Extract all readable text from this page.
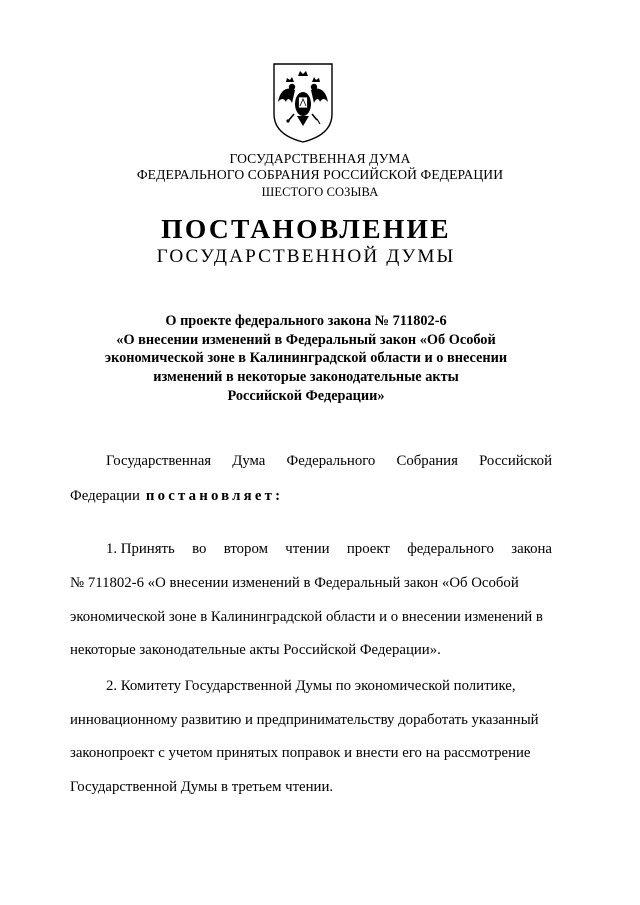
ГОСУДАРСТВЕННАЯ ДУМА
ФЕДЕРАЛЬНОГО СОБРАНИЯ РОССИЙСКОЙ ФЕДЕРАЦИИ
ШЕСТОГО СОЗЫВА
ПОСТАНОВЛЕНИЕ
ГОСУДАРСТВЕННОЙ ДУМЫ
О проекте федерального закона № 711802-6
«О внесении изменений в Федеральный закон «Об Особой
экономической зоне в Калининградской области и о внесении
изменений в некоторые законодательные акты
Российской Федерации»
Государственная Дума Федерального Собрания Российской
Федерации постановляет:
1. Принять во втором чтении проект федерального закона
№ 711802-6 «О внесении изменений в Федеральный закон «Об Особой
экономической зоне в Калининградской области и о внесении изменений в
некоторые законодательные акты Российской Федерации».
2. Комитету Государственной Думы по экономической политике,
инновационному развитию и предпринимательству доработать указанный
законопроект с учетом принятых поправок и внести его на рассмотрение
Государственной Думы в третьем чтении.
